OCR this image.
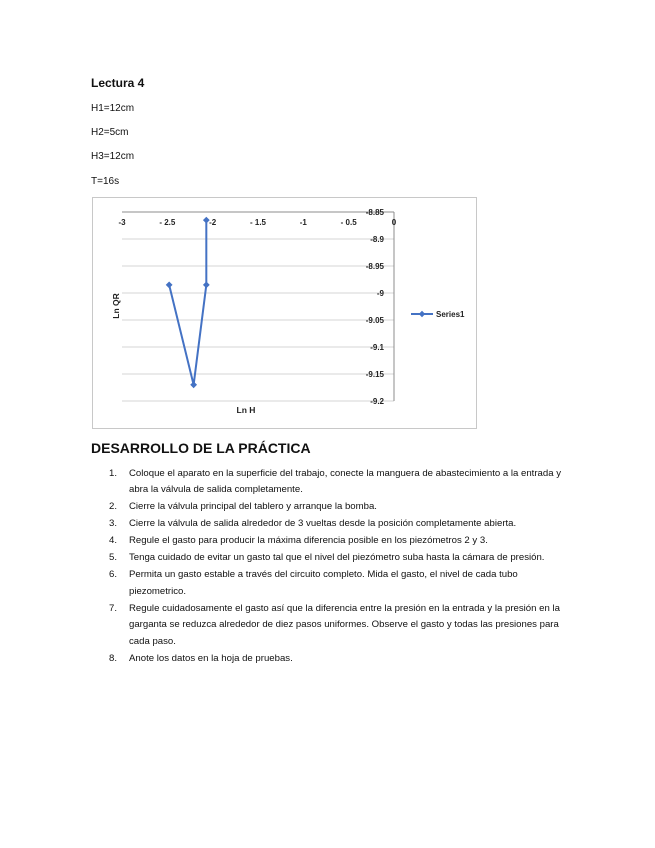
Lectura 4
H1=12cm
H2=5cm
H3=12cm
T=16s
-3	- 2.5	-2	- 1.5	-1	- 0.5	0
-8.85
-8.9
-8.95
-9
-9.05
-9.1
-9.15
-9.2
Ln H
Ln QR	Series1
DESARROLLO DE LA PRÁCTICA
1. Coloque el aparato en la superficie del trabajo, conecte la manguera de abastecimiento a la entrada y abra la válvula de salida completamente.
2. Cierre la válvula principal del tablero y arranque la bomba.
3. Cierre la válvula de salida alrededor de 3 vueltas desde la posición completamente abierta.
4. Regule el gasto para producir la máxima diferencia posible en los piezómetros 2 y 3.
5. Tenga cuidado de evitar un gasto tal que el nivel del piezómetro suba hasta la cámara de presión.
6. Permita un gasto estable a través del circuito completo. Mida el gasto, el nivel de cada tubo piezometrico.
7. Regule cuidadosamente el gasto así que la diferencia entre la presión en la entrada y la presión en la garganta se reduzca alrededor de diez pasos uniformes. Observe el gasto y todas las presiones para cada paso.
8. Anote los datos en la hoja de pruebas.
